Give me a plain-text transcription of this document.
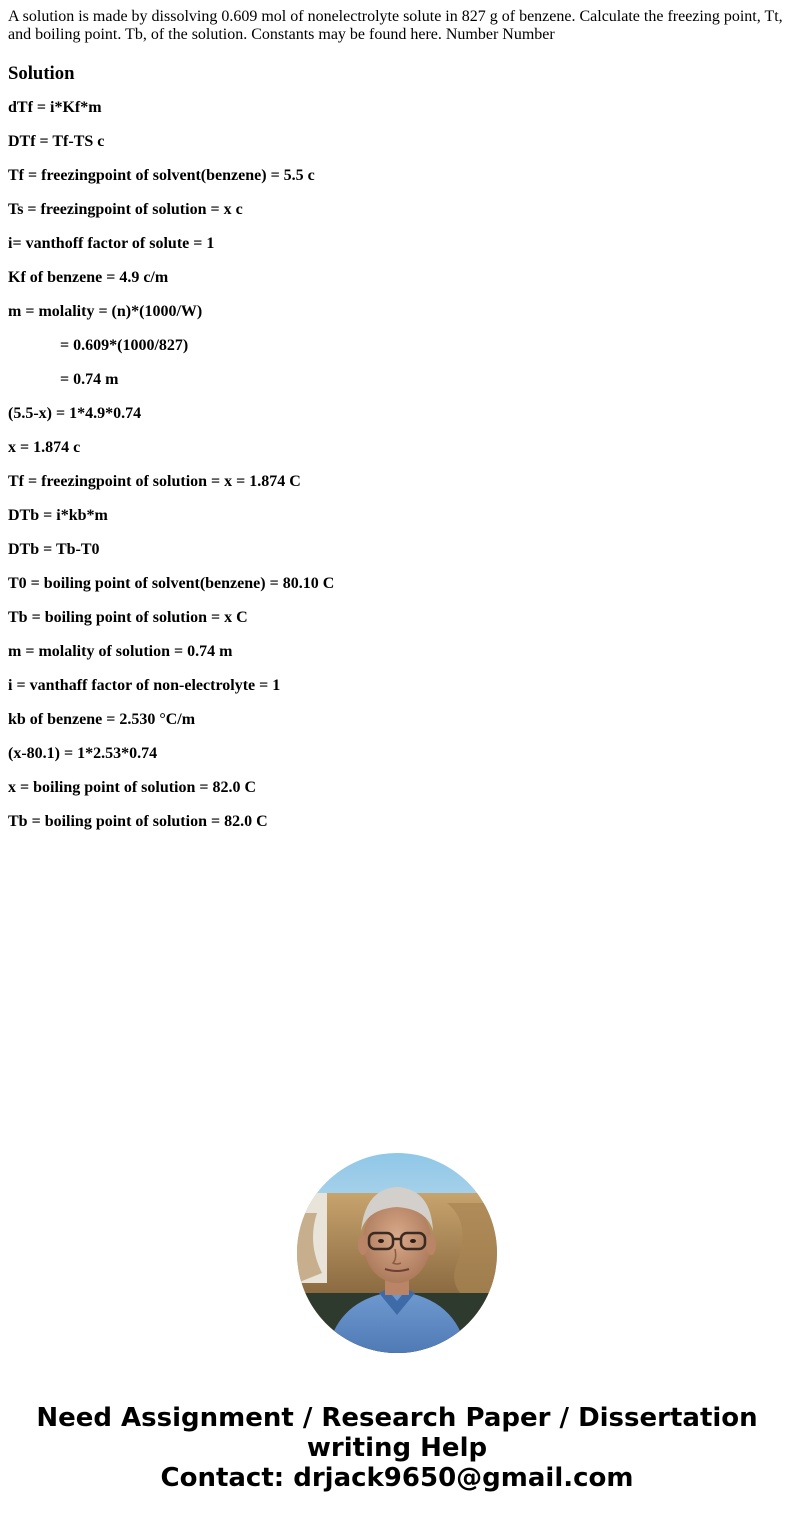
A solution is made by dissolving 0.609 mol of nonelectrolyte solute in 827 g of benzene. Calculate the freezing point, Tt, and boiling point. Tb, of the solution. Constants may be found here. Number Number

Solution

dTf = i*Kf*m

DTf = Tf-TS c

Tf = freezingpoint of solvent(benzene) = 5.5 c

Ts = freezingpoint of solution = x c

i= vanthoff factor of solute = 1

Kf of benzene = 4.9 c/m

m = molality = (n)*(1000/W)

= 0.609*(1000/827)

= 0.74 m

(5.5-x) = 1*4.9*0.74

x = 1.874 c

Tf = freezingpoint of solution = x = 1.874 C

DTb = i*kb*m

DTb = Tb-T0

T0 = boiling point of solvent(benzene) = 80.10 C

Tb = boiling point of solution = x C

m = molality of solution = 0.74 m

i = vanthaff factor of non-electrolyte = 1

kb of benzene = 2.530 °C/m

(x-80.1) = 1*2.53*0.74

x = boiling point of solution = 82.0 C

Tb = boiling point of solution = 82.0 C

Need Assignment / Research Paper / Dissertation
writing Help
Contact: drjack9650@gmail.com
